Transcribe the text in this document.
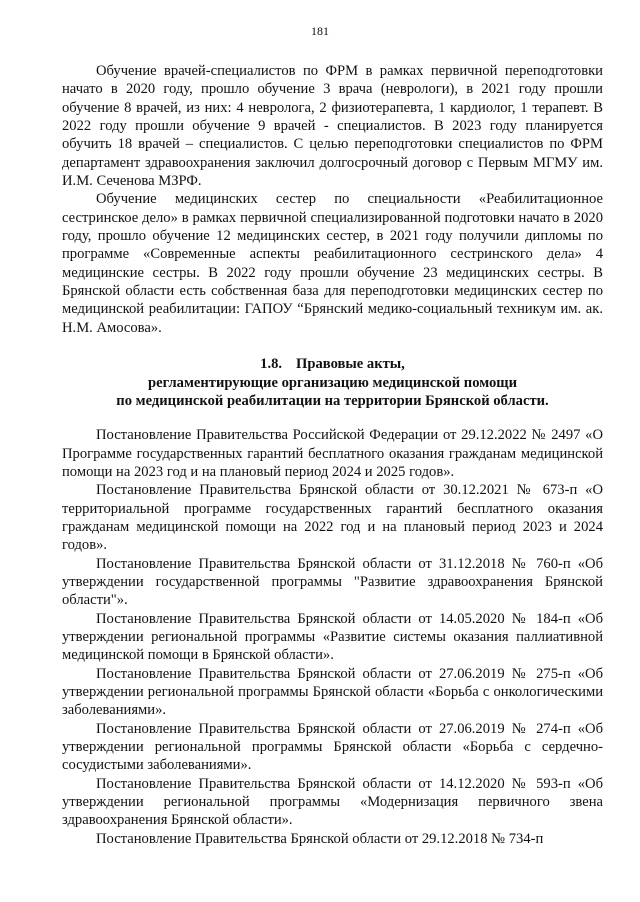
181

Обучение врачей-специалистов по ФРМ в рамках первичной переподготовки начато в 2020 году, прошло обучение 3 врача (неврологи), в 2021 году прошли обучение 8 врачей, из них: 4 невролога, 2 физиотерапевта, 1 кардиолог, 1 терапевт. В 2022 году прошли обучение 9 врачей - специалистов. В 2023 году планируется обучить 18 врачей – специалистов. С целью переподготовки специалистов по ФРМ департамент здравоохранения заключил долгосрочный договор с Первым МГМУ им. И.М. Сеченова МЗРФ.

Обучение медицинских сестер по специальности «Реабилитационное сестринское дело» в рамках первичной специализированной подготовки начато в 2020 году, прошло обучение 12 медицинских сестер, в 2021 году получили дипломы по программе «Современные аспекты реабилитационного сестринского дела» 4 медицинские сестры. В 2022 году прошли обучение 23 медицинских сестры. В Брянской области есть собственная база для переподготовки медицинских сестер по медицинской реабилитации: ГАПОУ “Брянский медико-социальный техникум им. ак. Н.М. Амосова».

1.8. Правовые акты,
регламентирующие организацию медицинской помощи
по медицинской реабилитации на территории Брянской области.

Постановление Правительства Российской Федерации от 29.12.2022 № 2497 «О Программе государственных гарантий бесплатного оказания гражданам медицинской помощи на 2023 год и на плановый период 2024 и 2025 годов».

Постановление Правительства Брянской области от 30.12.2021 № 673-п «О территориальной программе государственных гарантий бесплатного оказания гражданам медицинской помощи на 2022 год и на плановый период 2023 и 2024 годов».

Постановление Правительства Брянской области от 31.12.2018 № 760-п «Об утверждении государственной программы "Развитие здравоохранения Брянской области"».

Постановление Правительства Брянской области от 14.05.2020 № 184-п «Об утверждении региональной программы «Развитие системы оказания паллиативной медицинской помощи в Брянской области».

Постановление Правительства Брянской области от 27.06.2019 № 275-п «Об утверждении региональной программы Брянской области «Борьба с онкологическими заболеваниями».

Постановление Правительства Брянской области от 27.06.2019 № 274-п «Об утверждении региональной программы Брянской области «Борьба с сердечно-сосудистыми заболеваниями».

Постановление Правительства Брянской области от 14.12.2020 № 593-п «Об утверждении региональной программы «Модернизация первичного звена здравоохранения Брянской области».

Постановление Правительства Брянской области от 29.12.2018 № 734-п
